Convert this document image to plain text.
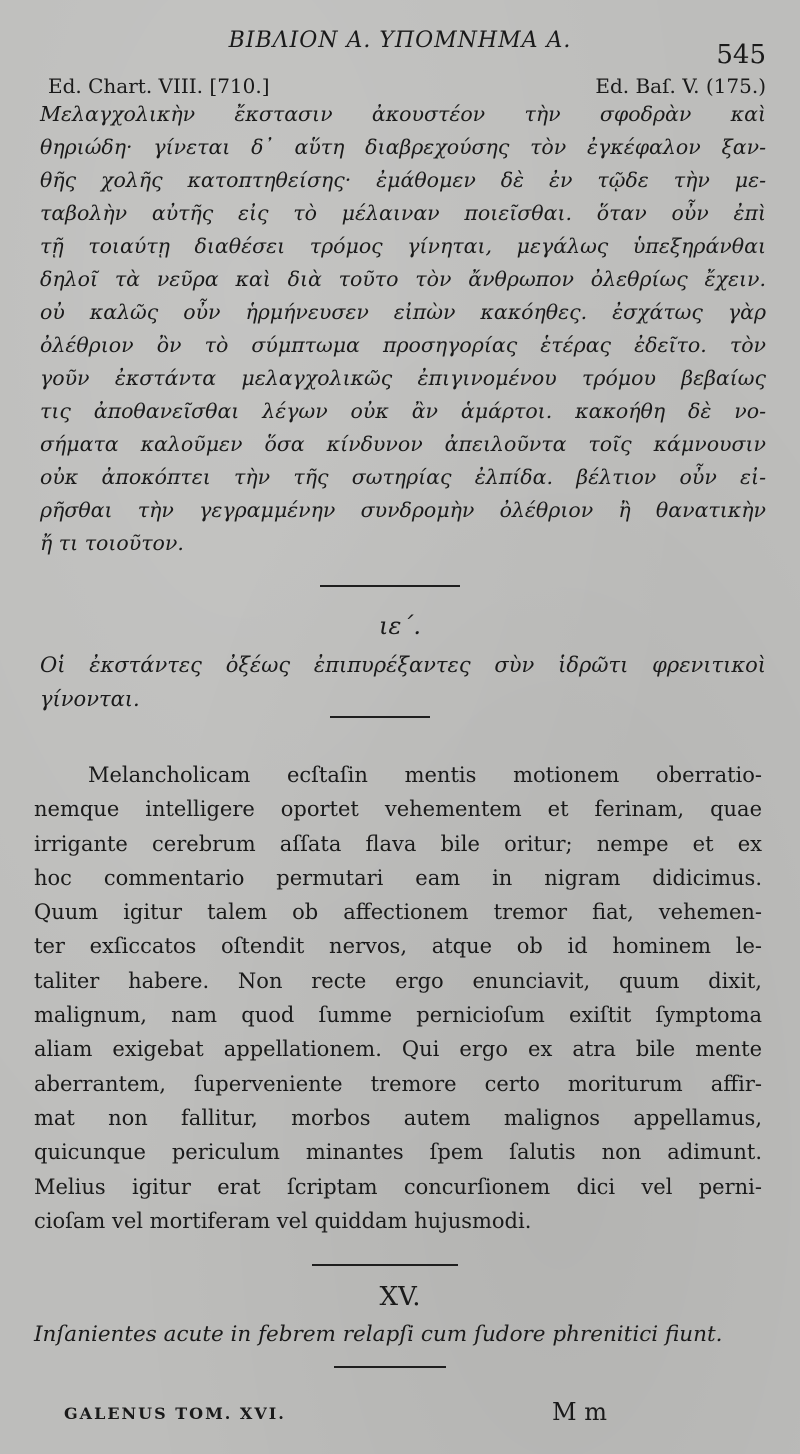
ΒΙΒΛΙΟΝ Α. ΥΠΟΜΝΗΜΑ Α.	545
Ed. Chart. VIII. [710.]	Ed. Baſ. V. (175.)
Μελαγχολικὴν ἔκστασιν ἀκουστέον τὴν σφοδρὰν καὶ
θηριώδη· γίνεται δ᾽ αὕτη διαβρεχούσης τὸν ἐγκέφαλον ξαν-
θῆς χολῆς κατοπτηθείσης· ἐμάθομεν δὲ ἐν τῷδε τὴν με-
ταβολὴν αὐτῆς εἰς τὸ μέλαιναν ποιεῖσθαι. ὅταν οὖν ἐπὶ
τῇ τοιαύτῃ διαθέσει τρόμος γίνηται, μεγάλως ὑπεξηράνθαι
δηλοῖ τὰ νεῦρα καὶ διὰ τοῦτο τὸν ἄνθρωπον ὀλεθρίως ἔχειν.
οὐ καλῶς οὖν ἡρμήνευσεν εἰπὼν κακόηθες. ἐσχάτως γὰρ
ὀλέθριον ὂν τὸ σύμπτωμα προσηγορίας ἑτέρας ἐδεῖτο. τὸν
γοῦν ἐκστάντα μελαγχολικῶς ἐπιγινομένου τρόμου βεβαίως
τις ἀποθανεῖσθαι λέγων οὐκ ἂν ἁμάρτοι. κακοήθη δὲ νο-
σήματα καλοῦμεν ὅσα κίνδυνον ἀπειλοῦντα τοῖς κάμνουσιν
οὐκ ἀποκόπτει τὴν τῆς σωτηρίας ἐλπίδα. βέλτιον οὖν εἰ-
ρῆσθαι τὴν γεγραμμένην συνδρομὴν ὀλέθριον ἢ θανατικὴν
ἤ τι τοιοῦτον.
ιε΄.
Οἱ ἐκστάντες ὀξέως ἐπιπυρέξαντες σὺν ἱδρῶτι φρενιτικοὶ
γίνονται.
Melancholicam ecſtaſin mentis motionem oberratio-
nemque intelligere oportet vehementem et ferinam, quae
irrigante cerebrum aſſata flava bile oritur; nempe et ex
hoc commentario permutari eam in nigram didicimus.
Quum igitur talem ob affectionem tremor fiat, vehemen-
ter exſiccatos oſtendit nervos, atque ob id hominem le-
taliter habere. Non recte ergo enunciavit, quum dixit,
malignum, nam quod ſumme pernicioſum exiſtit ſymptoma
aliam exigebat appellationem. Qui ergo ex atra bile mente
aberrantem, ſuperveniente tremore certo moriturum affir-
mat non fallitur, morbos autem malignos appellamus,
quicunque periculum minantes ſpem ſalutis non adimunt.
Melius igitur erat ſcriptam concurſionem dici vel perni-
cioſam vel mortiferam vel quiddam hujusmodi.
XV.
Inſanientes acute in febrem relapſi cum ſudore phrenitici fiunt.
GALENUS TOM. XVI.	M m
